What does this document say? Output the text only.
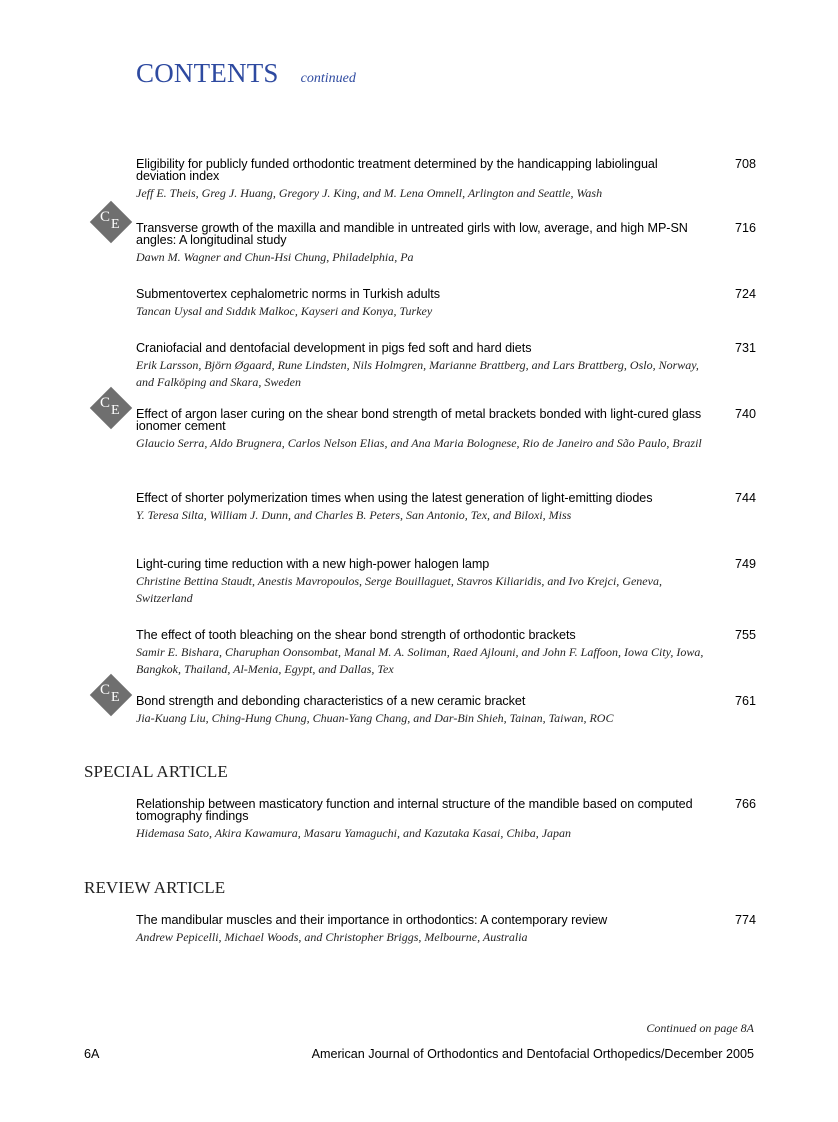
CONTENTS continued
Eligibility for publicly funded orthodontic treatment determined by the handicapping labiolingual deviation index
Jeff E. Theis, Greg J. Huang, Gregory J. King, and M. Lena Omnell, Arlington and Seattle, Wash
708
C E Transverse growth of the maxilla and mandible in untreated girls with low, average, and high MP-SN angles: A longitudinal study
Dawn M. Wagner and Chun-Hsi Chung, Philadelphia, Pa
716
Submentovertex cephalometric norms in Turkish adults
Tancan Uysal and Sıddık Malkoc, Kayseri and Konya, Turkey
724
Craniofacial and dentofacial development in pigs fed soft and hard diets
Erik Larsson, Björn Øgaard, Rune Lindsten, Nils Holmgren, Marianne Brattberg, and Lars Brattberg, Oslo, Norway, and Falköping and Skara, Sweden
731
C E Effect of argon laser curing on the shear bond strength of metal brackets bonded with light-cured glass ionomer cement
Glaucio Serra, Aldo Brugnera, Carlos Nelson Elias, and Ana Maria Bolognese, Rio de Janeiro and São Paulo, Brazil
740
Effect of shorter polymerization times when using the latest generation of light-emitting diodes
Y. Teresa Silta, William J. Dunn, and Charles B. Peters, San Antonio, Tex, and Biloxi, Miss
744
Light-curing time reduction with a new high-power halogen lamp
Christine Bettina Staudt, Anestis Mavropoulos, Serge Bouillaguet, Stavros Kiliaridis, and Ivo Krejci, Geneva, Switzerland
749
The effect of tooth bleaching on the shear bond strength of orthodontic brackets
Samir E. Bishara, Charuphan Oonsombat, Manal M. A. Soliman, Raed Ajlouni, and John F. Laffoon, Iowa City, Iowa, Bangkok, Thailand, Al-Menia, Egypt, and Dallas, Tex
755
C E Bond strength and debonding characteristics of a new ceramic bracket
Jia-Kuang Liu, Ching-Hung Chung, Chuan-Yang Chang, and Dar-Bin Shieh, Tainan, Taiwan, ROC
761
SPECIAL ARTICLE
Relationship between masticatory function and internal structure of the mandible based on computed tomography findings
Hidemasa Sato, Akira Kawamura, Masaru Yamaguchi, and Kazutaka Kasai, Chiba, Japan
766
REVIEW ARTICLE
The mandibular muscles and their importance in orthodontics: A contemporary review
Andrew Pepicelli, Michael Woods, and Christopher Briggs, Melbourne, Australia
774
Continued on page 8A
6A	American Journal of Orthodontics and Dentofacial Orthopedics/December 2005
